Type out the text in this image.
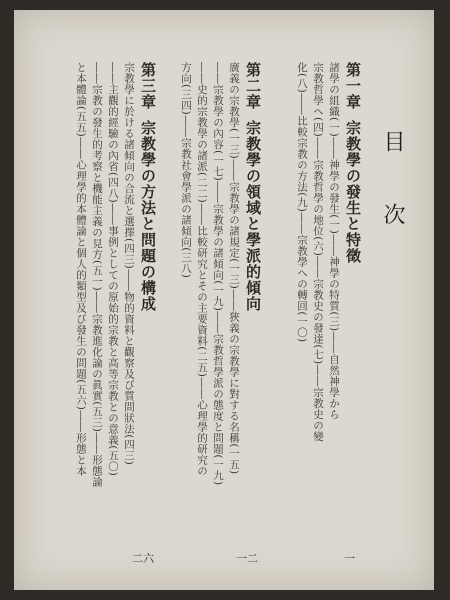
目 次
第一章宗教學の發生と特徵
諸學の組織(一)――神學の發生(一)――神學の特質(三)――自然神學から
宗教哲學へ(四)――宗教哲學の地位(六)――宗教史の發達(七)――宗教史の變
化(八)――比較宗教の方法(九)――宗教學への轉回(一〇)
一
第二章宗教學の領域と學派的傾向
廣義の宗教學(一三)――宗教學の諸規定(一三)――狹義の宗教學に對する名稱(一五)
――宗教學の內容(一七)――宗教學の諸傾向(一九)――宗教哲學派の態度と問題(一九)
――史的宗教學の諸派(二二)――比較研究とその主要資料(二五)――心理學的研究の
方向(三四)――宗教社會學派の諸傾向(三八)
一二
第三章宗教學の方法と問題の構成
宗教學に於ける諸傾向の合流と選擇(四三)――物的資料と觀察及び質問狀法(四三)
――主觀的經驗の內省(四八)――事例としての原始的宗教と高等宗教との意義(五〇)
――宗教の發生的考察と機能主義の見方(五一)――宗教進化論の眞實(五三)――形態論
と本體論(五五)――心理學的本體論と個人的類型及び發生の問題(五六)――形態と本
二六
